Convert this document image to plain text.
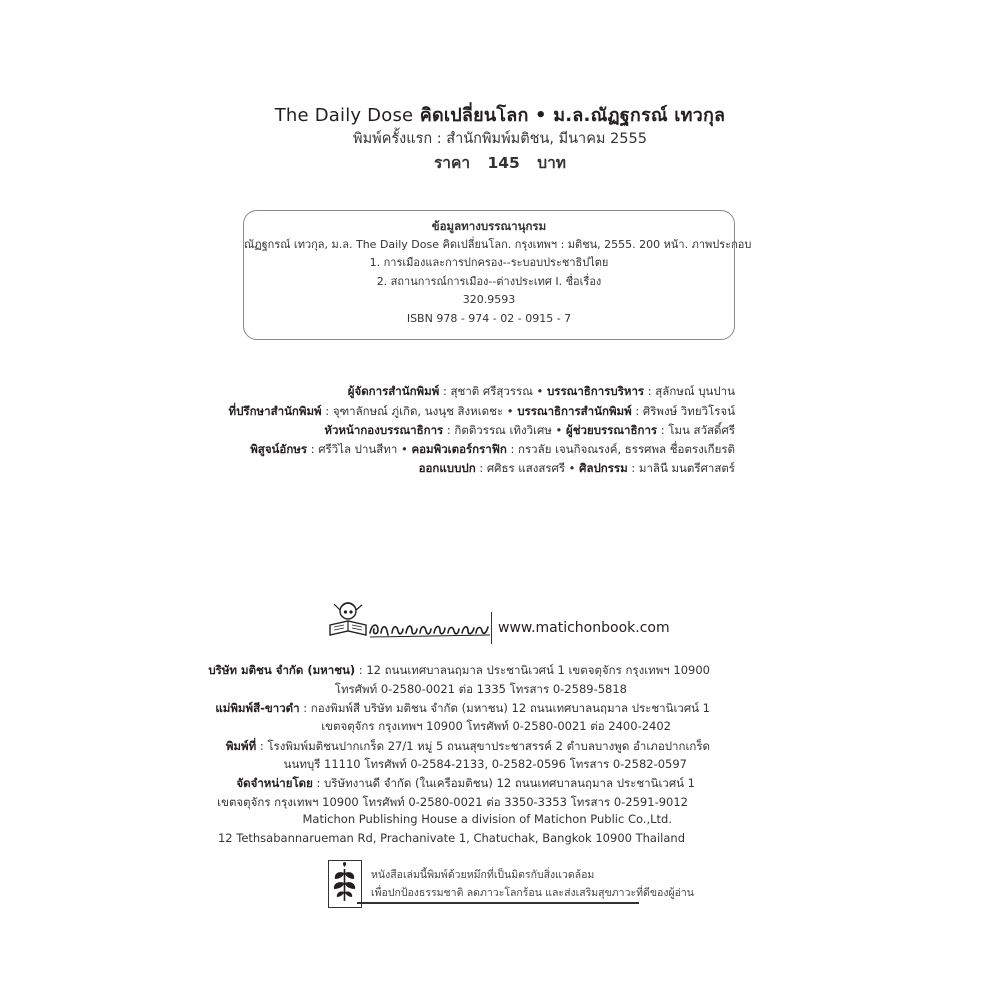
The Daily Dose คิดเปลี่ยนโลก • ม.ล.ณัฏฐกรณ์ เทวกุล
พิมพ์ครั้งแรก : สำนักพิมพ์มติชน, มีนาคม 2555
ราคา 145 บาท
ข้อมูลทางบรรณานุกรม
ณัฏฐกรณ์ เทวกุล, ม.ล. The Daily Dose คิดเปลี่ยนโลก. กรุงเทพฯ : มติชน, 2555. 200 หน้า. ภาพประกอบ
1. การเมืองและการปกครอง--ระบอบประชาธิปไตย
2. สถานการณ์การเมือง--ต่างประเทศ I. ชื่อเรื่อง
320.9593
ISBN 978 - 974 - 02 - 0915 - 7
ผู้จัดการสำนักพิมพ์ : สุชาติ ศรีสุวรรณ • บรรณาธิการบริหาร : สุลักษณ์ บุนปาน
ที่ปรึกษาสำนักพิมพ์ : จุฑาลักษณ์ ภู่เกิด, นงนุช สิงหเดชะ • บรรณาธิการสำนักพิมพ์ : ศิริพงษ์ วิทยวิโรจน์
หัวหน้ากองบรรณาธิการ : กิตติวรรณ เทิงวิเศษ • ผู้ช่วยบรรณาธิการ : โมน สวัสดิ์ศรี
พิสูจน์อักษร : ศรีวิไล ปานสีทา • คอมพิวเตอร์กราฟิก : กรวลัย เจนกิจณรงค์, ธรรศพล ชื่อตรงเกียรติ
ออกแบบปก : ศศิธร แสงสรศรี • ศิลปกรรม : มาลินี มนตรีศาสตร์
www.matichonbook.com
บริษัท มติชน จำกัด (มหาชน) : 12 ถนนเทศบาลนฤมาล ประชานิเวศน์ 1 เขตจตุจักร กรุงเทพฯ 10900
โทรศัพท์ 0-2580-0021 ต่อ 1335 โทรสาร 0-2589-5818
แม่พิมพ์สี-ขาวดำ : กองพิมพ์สี บริษัท มติชน จำกัด (มหาชน) 12 ถนนเทศบาลนฤมาล ประชานิเวศน์ 1
เขตจตุจักร กรุงเทพฯ 10900 โทรศัพท์ 0-2580-0021 ต่อ 2400-2402
พิมพ์ที่ : โรงพิมพ์มติชนปากเกร็ด 27/1 หมู่ 5 ถนนสุขาประชาสรรค์ 2 ตำบลบางพูด อำเภอปากเกร็ด
นนทบุรี 11110 โทรศัพท์ 0-2584-2133, 0-2582-0596 โทรสาร 0-2582-0597
จัดจำหน่ายโดย : บริษัทงานดี จำกัด (ในเครือมติชน) 12 ถนนเทศบาลนฤมาล ประชานิเวศน์ 1
เขตจตุจักร กรุงเทพฯ 10900 โทรศัพท์ 0-2580-0021 ต่อ 3350-3353 โทรสาร 0-2591-9012
Matichon Publishing House a division of Matichon Public Co.,Ltd.
12 Tethsabannarueman Rd, Prachanivate 1, Chatuchak, Bangkok 10900 Thailand
หนังสือเล่มนี้พิมพ์ด้วยหมึกที่เป็นมิตรกับสิ่งแวดล้อม
เพื่อปกป้องธรรมชาติ ลดภาวะโลกร้อน และส่งเสริมสุขภาวะที่ดีของผู้อ่าน
